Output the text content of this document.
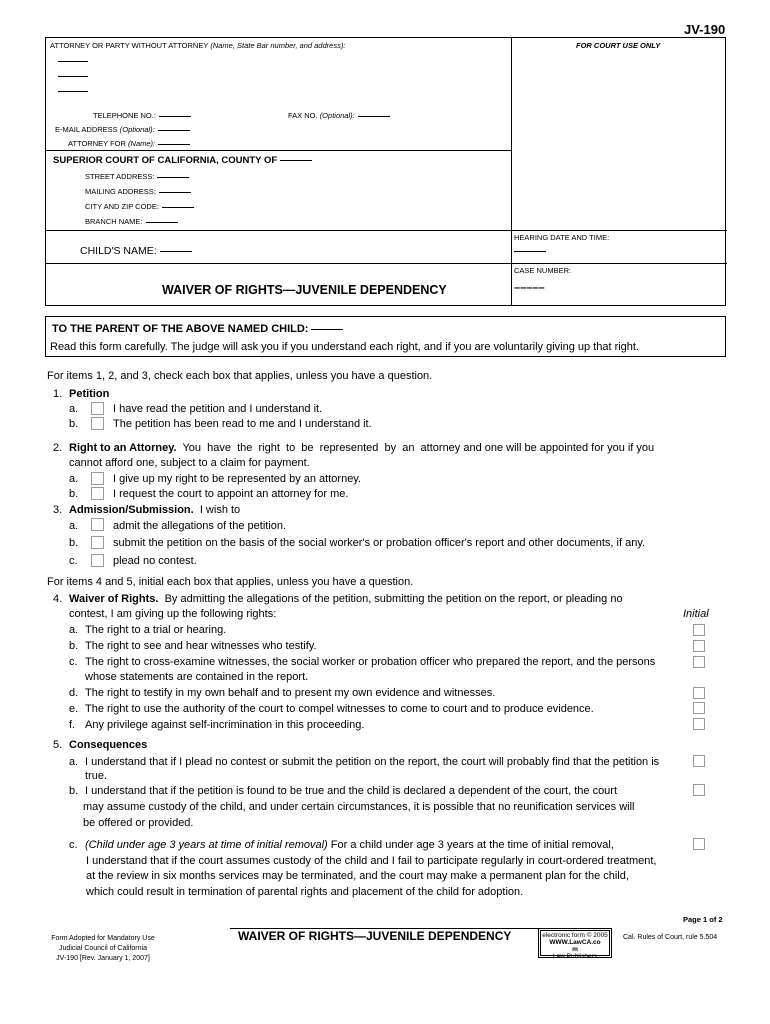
JV-190
ATTORNEY OR PARTY WITHOUT ATTORNEY (Name, State Bar number, and address):	FOR COURT USE ONLY
TELEPHONE NO.:	FAX NO. (Optional):
E-MAIL ADDRESS (Optional):
ATTORNEY FOR (Name):
SUPERIOR COURT OF CALIFORNIA, COUNTY OF
STREET ADDRESS:
MAILING ADDRESS:
CITY AND ZIP CODE:
BRANCH NAME:
HEARING DATE AND TIME:
CHILD'S NAME:
CASE NUMBER:
–––––
WAIVER OF RIGHTS—JUVENILE DEPENDENCY
TO THE PARENT OF THE ABOVE NAMED CHILD:
Read this form carefully. The judge will ask you if you understand each right, and if you are voluntarily giving up that right.
For items 1, 2, and 3, check each box that applies, unless you have a question.
1. Petition
a.	I have read the petition and I understand it.
b.	The petition has been read to me and I understand it.
2. Right to an Attorney. You  have  the  right  to  be  represented  by  an  attorney and one will be appointed for you if you
cannot afford one, subject to a claim for payment.
a.	I give up my right to be represented by an attorney.
b.	I request the court to appoint an attorney for me.
3. Admission/Submission. I wish to
a.	admit the allegations of the petition.
b.	submit the petition on the basis of the social worker's or probation officer's report and other documents, if any.
c.	plead no contest.
For items 4 and 5, initial each box that applies, unless you have a question.
4. Waiver of Rights. By admitting the allegations of the petition, submitting the petition on the report, or pleading no
contest, I am giving up the following rights:	Initial
a. The right to a trial or hearing.
b. The right to see and hear witnesses who testify.
c. The right to cross-examine witnesses, the social worker or probation officer who prepared the report, and the persons
whose statements are contained in the report.
d. The right to testify in my own behalf and to present my own evidence and witnesses.
e. The right to use the authority of the court to compel witnesses to come to court and to produce evidence.
f. Any privilege against self-incrimination in this proceeding.
5. Consequences
a. I understand that if I plead no contest or submit the petition on the report, the court will probably find that the petition is
true.
b. I understand that if the petition is found to be true and the child is declared a dependent of the court, the court
may assume custody of the child, and under certain circumstances, it is possible that no reunification services will
be offered or provided.
c. (Child under age 3 years at time of initial removal) For a child under age 3 years at the time of initial removal,
I understand that if the court assumes custody of the child and I fail to participate regularly in court-ordered treatment,
at the review in six months services may be terminated, and the court may make a permanent plan for the child,
which could result in termination of parental rights and placement of the child for adoption.
Page 1 of 2
Form Adopted for Mandatory Use
Judicial Council of California
JV-190 [Rev. January 1, 2007]
WAIVER OF RIGHTS—JUVENILE DEPENDENCY	electronic form © 2005
WWW.LawCA.co
m
Law Publishers
Cal. Rules of Court, rule 5.504
